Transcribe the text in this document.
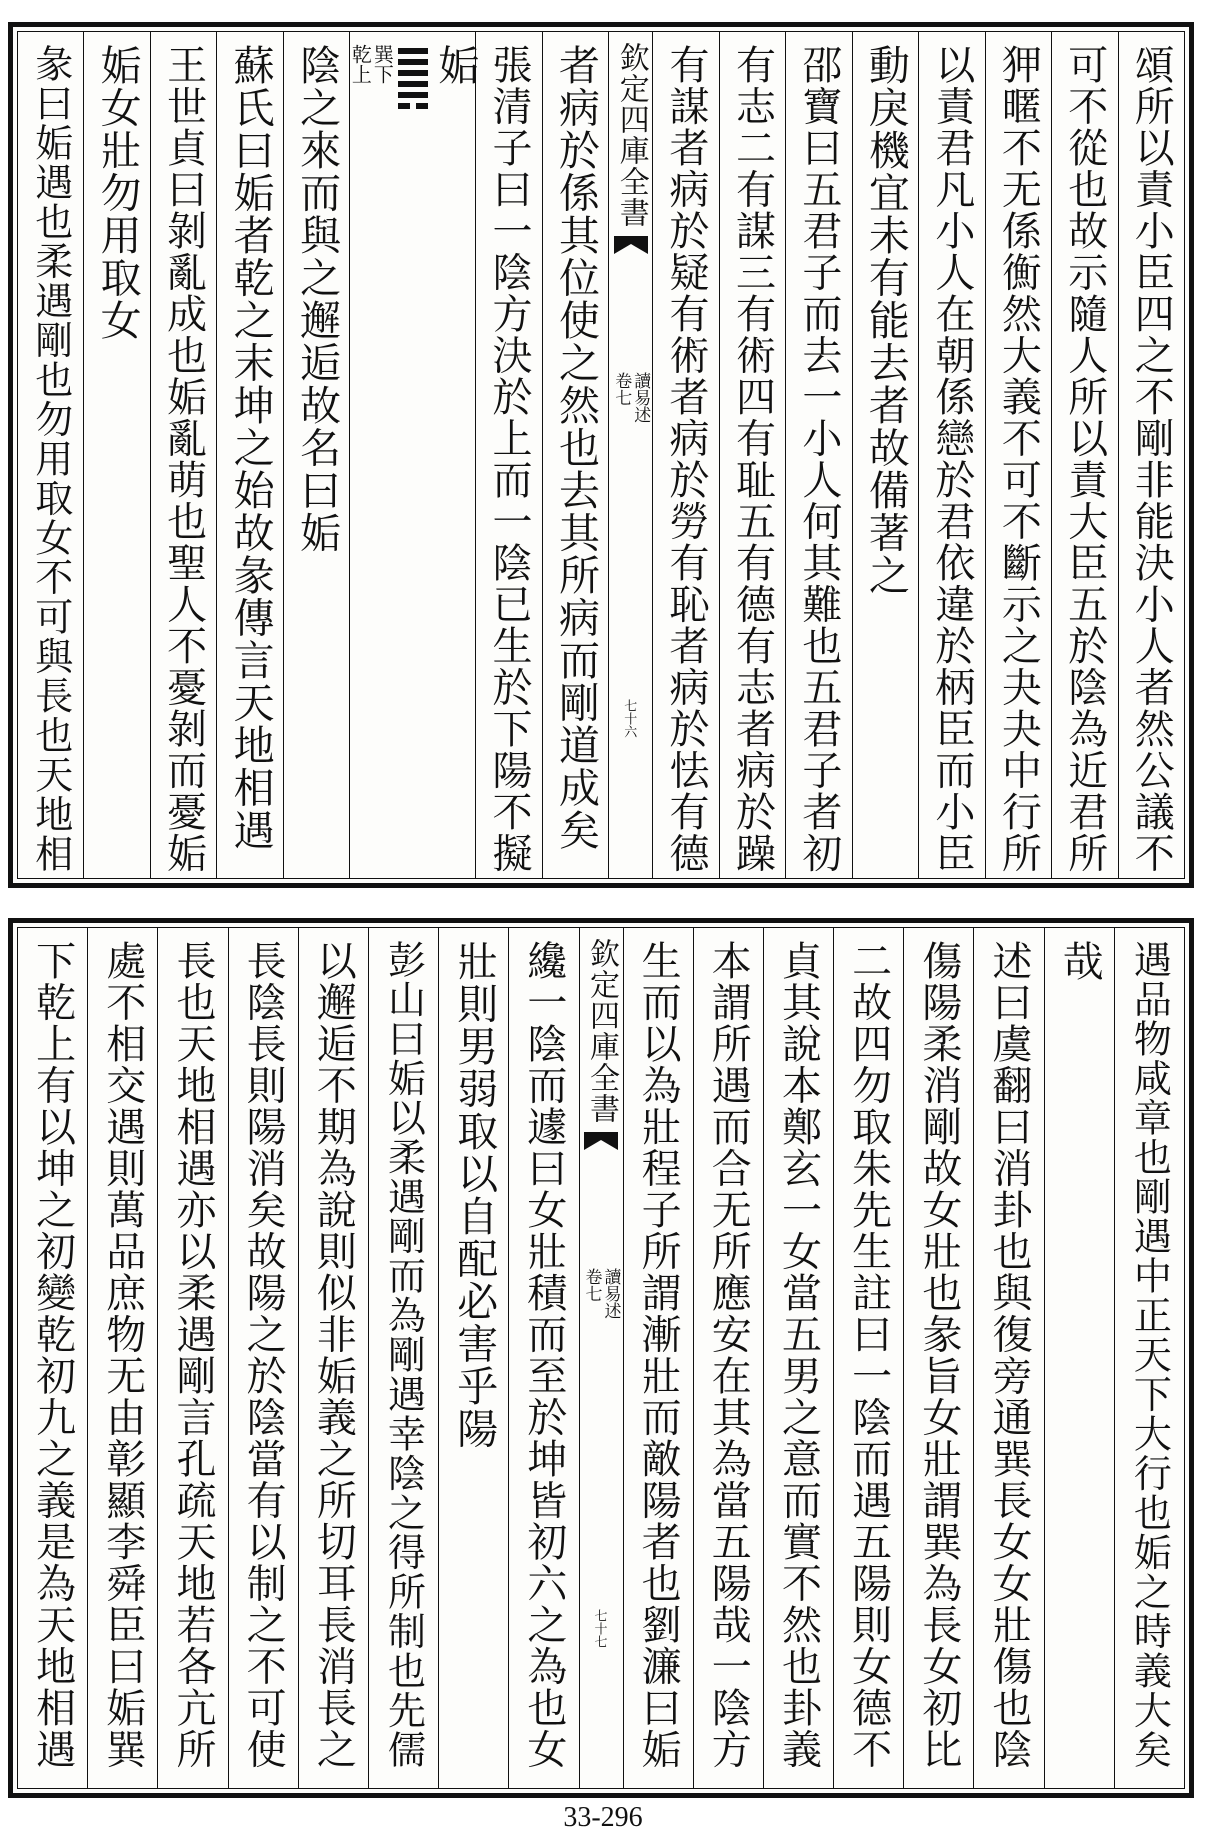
頌所以責小臣四之不剛非能決小人者然公議不
可不從也故示隨人所以責大臣五於陰為近君所
狎暱不无係𢖍然大義不可不斷示之夬夬中行所
以責君凡小人在朝係戀於君依違於柄臣而小臣
動戾機宜未有能去者故備著之
邵寶曰五君子而去一小人何其難也五君子者初
有志二有謀三有術四有耻五有德有志者病於躁
有謀者病於疑有術者病於勞有恥者病於怯有德
欽定四庫全書
讀易述
卷七
七十六
者病於係其位使之然也去其所病而剛道成矣
張清子曰一陰方決於上而一陰已生於下陽不擬
姤
巽下
乾上
陰之來而與之邂逅故名曰姤
蘇氏曰姤者乾之末坤之始故彖傳言天地相遇
王世貞曰剝亂成也姤亂萌也聖人不憂剝而憂姤
姤女壯勿用取女
彖曰姤遇也柔遇剛也勿用取女不可與長也天地相
遇品物咸章也剛遇中正天下大行也姤之時義大矣
哉
述曰虞翻曰消卦也與復旁通巽長女女壯傷也陰
傷陽柔消剛故女壯也彖旨女壯謂巽為長女初比
二故四勿取朱先生註曰一陰而遇五陽則女德不
貞其說本鄭玄一女當五男之意而實不然也卦義
本謂所遇而合无所應安在其為當五陽哉一陰方
生而以為壯程子所謂漸壯而敵陽者也劉濂曰姤
欽定四庫全書
讀易述
卷七
七十七
纔一陰而遽曰女壯積而至於坤皆初六之為也女
壯則男弱取以自配必害乎陽
彭山曰姤以柔遇剛而為剛遇幸陰之得所制也先儒
以邂逅不期為說則似非姤義之所切耳長消長之
長陰長則陽消矣故陽之於陰當有以制之不可使
長也天地相遇亦以柔遇剛言孔疏天地若各亢所
處不相交遇則萬品庶物无由彰顯李舜臣曰姤巽
下乾上有以坤之初變乾初九之義是為天地相遇
33-296
